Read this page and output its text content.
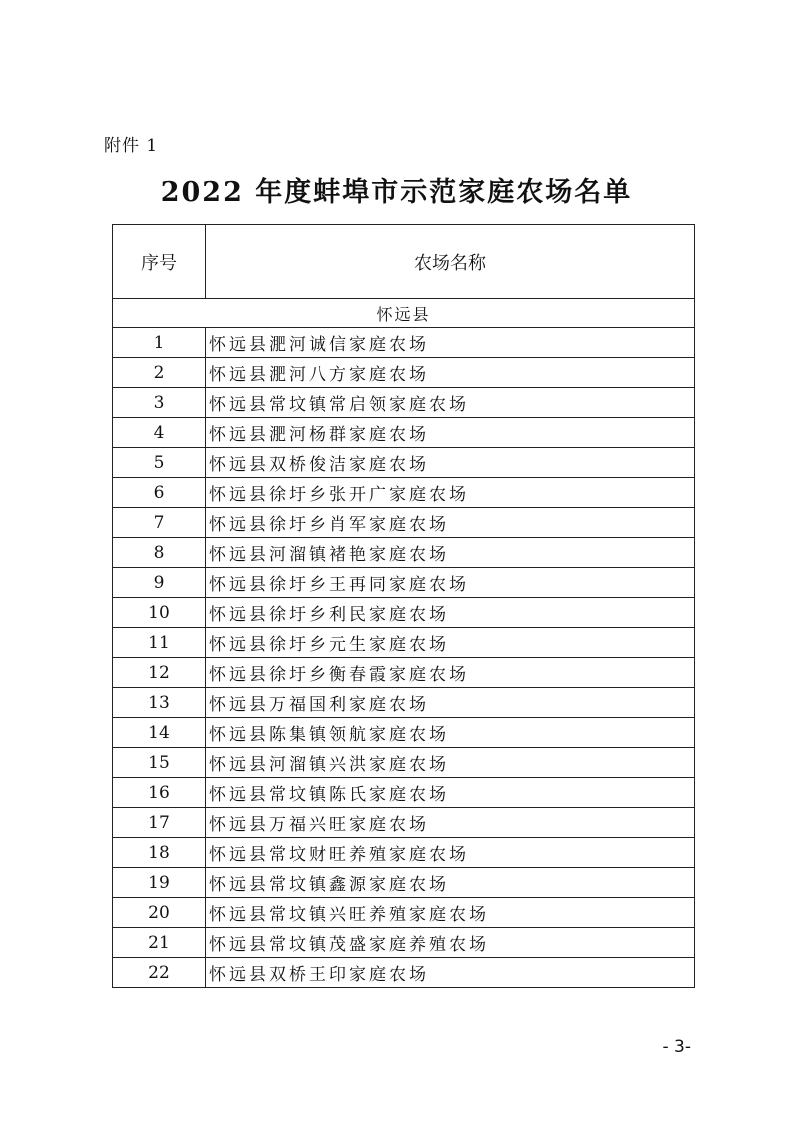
附件 1
2022 年度蚌埠市示范家庭农场名单
序号	农场名称
怀远县	
1	怀远县淝河诚信家庭农场
2	怀远县淝河八方家庭农场
3	怀远县常坟镇常启领家庭农场
4	怀远县淝河杨群家庭农场
5	怀远县双桥俊洁家庭农场
6	怀远县徐圩乡张开广家庭农场
7	怀远县徐圩乡肖军家庭农场
8	怀远县河溜镇褚艳家庭农场
9	怀远县徐圩乡王再同家庭农场
10	怀远县徐圩乡利民家庭农场
11	怀远县徐圩乡元生家庭农场
12	怀远县徐圩乡衡春霞家庭农场
13	怀远县万福国利家庭农场
14	怀远县陈集镇领航家庭农场
15	怀远县河溜镇兴洪家庭农场
16	怀远县常坟镇陈氏家庭农场
17	怀远县万福兴旺家庭农场
18	怀远县常坟财旺养殖家庭农场
19	怀远县常坟镇鑫源家庭农场
20	怀远县常坟镇兴旺养殖家庭农场
21	怀远县常坟镇茂盛家庭养殖农场
22	怀远县双桥王印家庭农场
- 3-
